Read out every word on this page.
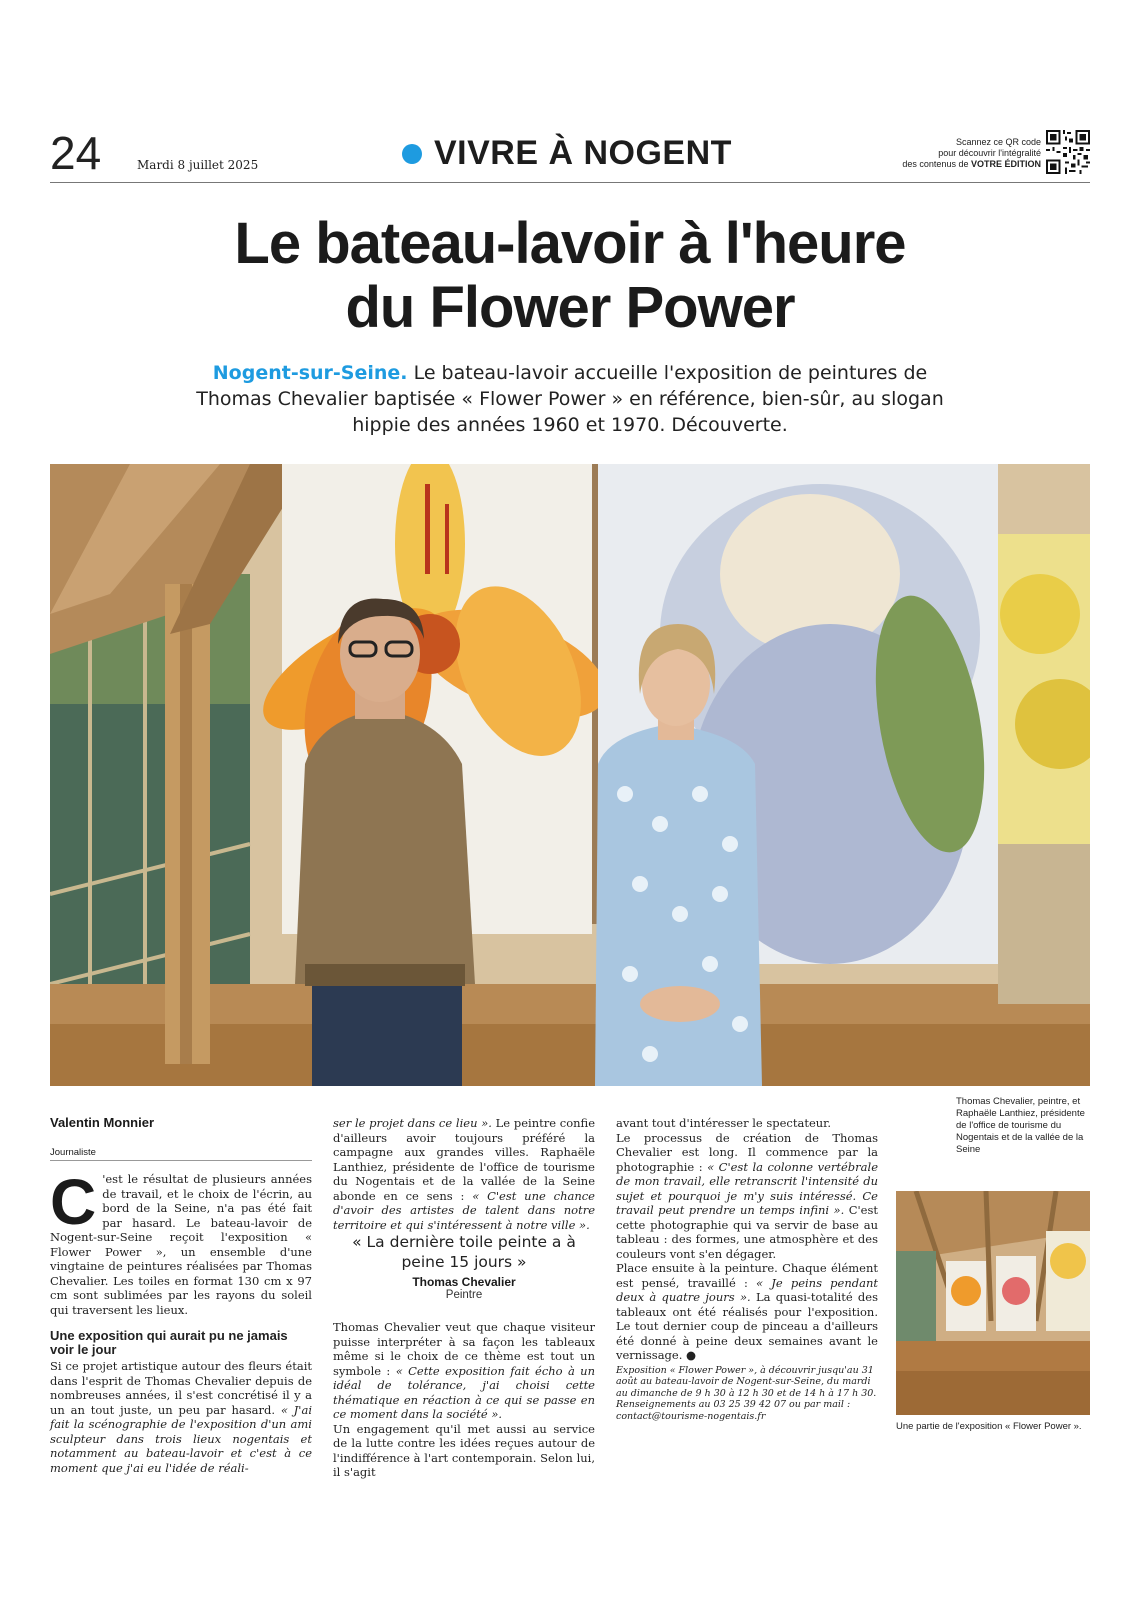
24	Mardi 8 juillet 2025	VIVRE À NOGENT	Scannez ce QR code
pour découvrir l'intégralité
des contenus de VOTRE ÉDITION
Le bateau-lavoir à l'heure
du Flower Power
Nogent-sur-Seine. Le bateau-lavoir accueille l'exposition de peintures de Thomas Chevalier baptisée « Flower Power » en référence, bien-sûr, au slogan hippie des années 1960 et 1970. Découverte.
Thomas Chevalier, peintre, et Raphaële Lanthiez, présidente de l'office de tourisme du Nogentais et de la vallée de la Seine
Valentin Monnier
Journaliste

C 'est le résultat de plusieurs années de travail, et le choix de l'écrin, au bord de la Seine, n'a pas été fait par hasard. Le bateau-lavoir de Nogent-sur-Seine reçoit l'exposition « Flower Power », un ensemble d'une vingtaine de peintures réalisées par Thomas Chevalier. Les toiles en format 130 cm x 97 cm sont sublimées par les rayons du soleil qui traversent les lieux.

Une exposition qui aurait pu ne jamais voir le jour

Si ce projet artistique autour des fleurs était dans l'esprit de Thomas Chevalier depuis de nombreuses années, il s'est concrétisé il y a un an tout juste, un peu par hasard. « J'ai fait la scénographie de l'exposition d'un ami sculpteur dans trois lieux nogentais et notamment au bateau-lavoir et c'est à ce moment que j'ai eu l'idée de réali-

ser le projet dans ce lieu ». Le peintre confie d'ailleurs avoir toujours préféré la campagne aux grandes villes. Raphaële Lanthiez, présidente de l'office de tourisme du Nogentais et de la vallée de la Seine abonde en ce sens : « C'est une chance d'avoir des artistes de talent dans notre territoire et qui s'intéressent à notre ville ».

« La dernière toile peinte a à peine 15 jours »
Thomas Chevalier
Peintre

Thomas Chevalier veut que chaque visiteur puisse interpréter à sa façon les tableaux même si le choix de ce thème est tout un symbole : « Cette exposition fait écho à un idéal de tolérance, j'ai choisi cette thématique en réaction à ce qui se passe en ce moment dans la société ».

Un engagement qu'il met aussi au service de la lutte contre les idées reçues autour de l'indifférence à l'art contemporain. Selon lui, il s'agit

avant tout d'intéresser le spectateur.

Le processus de création de Thomas Chevalier est long. Il commence par la photographie : « C'est la colonne vertébrale de mon travail, elle retranscrit l'intensité du sujet et pourquoi je m'y suis intéressé. Ce travail peut prendre un temps infini ». C'est cette photographie qui va servir de base au tableau : des formes, une atmosphère et des couleurs vont s'en dégager.

Place ensuite à la peinture. Chaque élément est pensé, travaillé : « Je peins pendant deux à quatre jours ». La quasi-totalité des tableaux ont été réalisés pour l'exposition. Le tout dernier coup de pinceau a d'ailleurs été donné à peine deux semaines avant le vernissage. ●

Exposition « Flower Power », à découvrir jusqu'au 31 août au bateau-lavoir de Nogent-sur-Seine, du mardi au dimanche de 9 h 30 à 12 h 30 et de 14 h à 17 h 30. Renseignements au 03 25 39 42 07 ou par mail : contact@tourisme-nogentais.fr

Une partie de l'exposition « Flower Power ».
